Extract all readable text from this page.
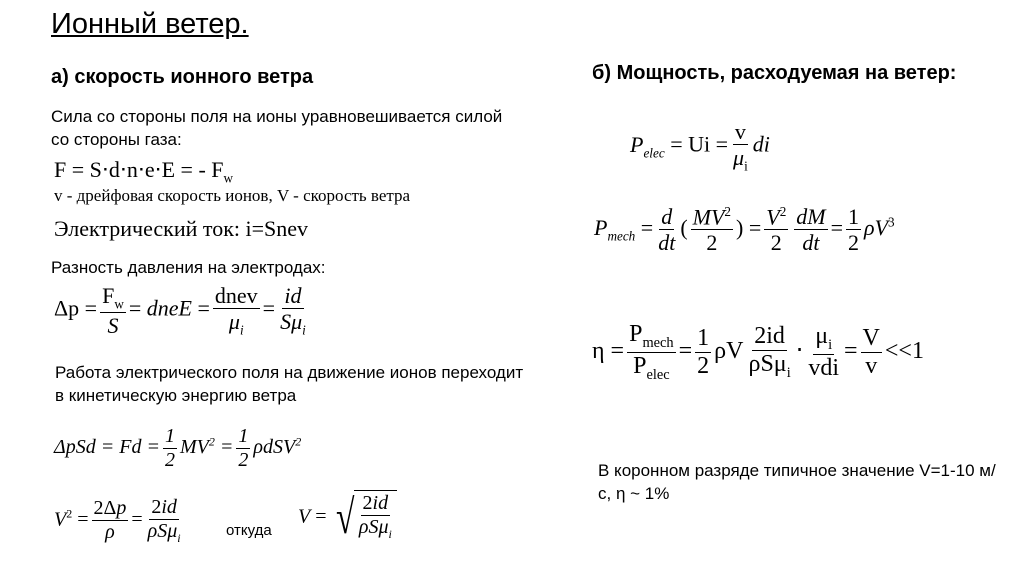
Ионный ветер.
а) скорость ионного ветра
Сила со стороны поля на ионы уравновешивается силой со стороны газа:
F = S⋅d⋅n⋅e⋅E = - $F_w$
v - дрейфовая скорость ионов, V - скорость ветра
Электрический ток: i=Snev
Разность давления на электродах:
$\Delta p = \frac{F_w}{S}$ = dneE = $\frac{\text{dnev}}{\mu_i} = \frac{id}{S\mu_i}$
Работа электрического поля на движение ионов переходит в кинетическую энергию ветра
$\Delta pSd = Fd = \frac{1}{2} MV^2 = \frac{1}{2} \rho dSV^2$
$V^2 = \frac{2\Delta p}{\rho} = \frac{2id}{\rho S\mu_i}$	откуда
V = √ $\frac{2id}{\rho S\mu_i}$
б) Мощность, расходуемая на ветер:
$P_{elec} = Ui = \frac{v}{\mu_i}$ di
$P_{mech} = \frac{d}{dt}$ ( $\frac{MV^2}{2}$ ) = $\frac{V^2}{2} \frac{dM}{dt} = \frac{1}{2} \rho V^3$
$\eta = \frac{P_{mech}}{P_{elec}} = \frac{1}{2}$ ρV $\frac{2id}{\rho S\mu_i} \cdot \frac{\mu_i}{\text{vdi}} = \frac{V}{v} <<1$
В коронном разряде типичное значение V=1-10 м/с, η ~ 1%
